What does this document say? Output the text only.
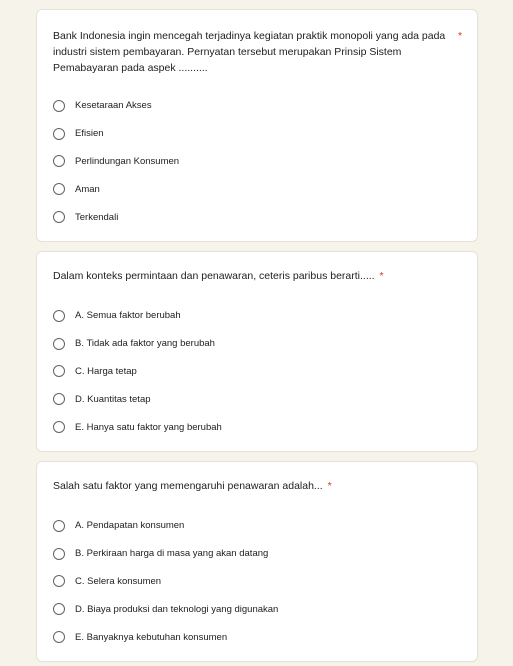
Bank Indonesia ingin mencegah terjadinya kegiatan praktik monopoli yang ada pada industri sistem pembayaran. Pernyatan tersebut merupakan Prinsip Sistem Pemabayaran pada aspek ..........
*
Kesetaraan Akses
Efisien
Perlindungan Konsumen
Aman
Terkendali
Dalam konteks permintaan dan penawaran, ceteris paribus berarti..... *
A. Semua faktor berubah
B. Tidak ada faktor yang berubah
C. Harga tetap
D. Kuantitas tetap
E. Hanya satu faktor yang berubah
Salah satu faktor yang memengaruhi penawaran adalah... *
A. Pendapatan konsumen
B. Perkiraan harga di masa yang akan datang
C. Selera konsumen
D. Biaya produksi dan teknologi yang digunakan
E. Banyaknya kebutuhan konsumen
